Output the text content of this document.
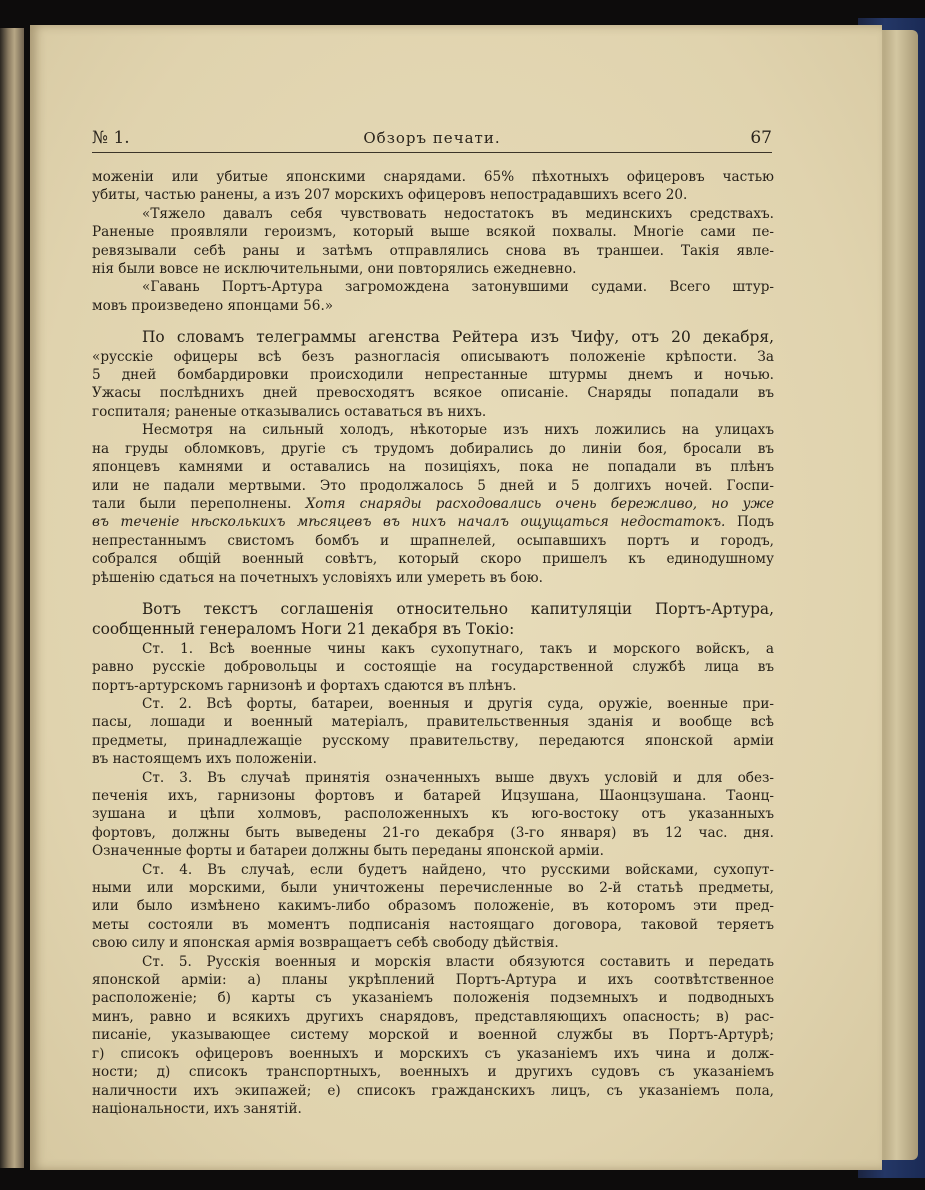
№ 1.	Обзоръ печати.	67
моженіи или убитые японскими снарядами. 65% пѣхотныхъ офицеровъ частью
убиты, частью ранены, а изъ 207 морскихъ офицеровъ непострадавшихъ всего 20.
«Тяжело давалъ себя чувствовать недостатокъ въ мединскихъ средствахъ.
Раненые проявляли героизмъ, который выше всякой похвалы. Многіе сами пе-
ревязывали себѣ раны и затѣмъ отправлялись снова въ траншеи. Такія явле-
нія были вовсе не исключительными, они повторялись ежедневно.
«Гавань Портъ-Артура загромождена затонувшими судами. Всего штур-
мовъ произведено японцами 56.»
По словамъ телеграммы агенства Рейтера изъ Чифу, отъ 20 декабря,
«русскіе офицеры всѣ безъ разногласія описываютъ положеніе крѣпости. За
5 дней бомбардировки происходили непрестанные штурмы днемъ и ночью.
Ужасы послѣднихъ дней превосходятъ всякое описаніе. Снаряды попадали въ
госпиталя; раненые отказывались оставаться въ нихъ.
Несмотря на сильный холодъ, нѣкоторые изъ нихъ ложились на улицахъ
на груды обломковъ, другіе съ трудомъ добирались до линіи боя, бросали въ
японцевъ камнями и оставались на позиціяхъ, пока не попадали въ плѣнъ
или не падали мертвыми. Это продолжалось 5 дней и 5 долгихъ ночей. Госпи-
тали были переполнены. Хотя снаряды расходовались очень бережливо, но уже
въ теченіе нѣсколькихъ мѣсяцевъ въ нихъ началъ ощущаться недостатокъ. Подъ
непрестаннымъ свистомъ бомбъ и шрапнелей, осыпавшихъ портъ и городъ,
собрался общій военный совѣтъ, который скоро пришелъ къ единодушному
рѣшенію сдаться на почетныхъ условіяхъ или умереть въ бою.
Вотъ текстъ соглашенія относительно капитуляціи Портъ-Артура,
сообщенный генераломъ Ноги 21 декабря въ Токіо:
Ст. 1. Всѣ военные чины какъ сухопутнаго, такъ и морского войскъ, а
равно русскіе добровольцы и состоящіе на государственной службѣ лица въ
портъ-артурскомъ гарнизонѣ и фортахъ сдаются въ плѣнъ.
Ст. 2. Всѣ форты, батареи, военныя и другія суда, оружіе, военные при-
пасы, лошади и военный матеріалъ, правительственныя зданія и вообще всѣ
предметы, принадлежащіе русскому правительству, передаются японской арміи
въ настоящемъ ихъ положеніи.
Ст. 3. Въ случаѣ принятія означенныхъ выше двухъ условій и для обез-
печенія ихъ, гарнизоны фортовъ и батарей Ицзушана, Шаонцзушана. Таонц-
зушана и цѣпи холмовъ, расположенныхъ къ юго-востоку отъ указанныхъ
фортовъ, должны быть выведены 21-го декабря (3-го января) въ 12 час. дня.
Означенные форты и батареи должны быть переданы японской арміи.
Ст. 4. Въ случаѣ, если будетъ найдено, что русскими войсками, сухопут-
ными или морскими, были уничтожены перечисленные во 2-й статьѣ предметы,
или было измѣнено какимъ-либо образомъ положеніе, въ которомъ эти пред-
меты состояли въ моментъ подписанія настоящаго договора, таковой теряетъ
свою силу и японская армія возвращаетъ себѣ свободу дѣйствія.
Ст. 5. Русскія военныя и морскія власти обязуются составить и передать
японской арміи: а) планы укрѣплений Портъ-Артура и ихъ соотвѣтственное
расположеніе; б) карты съ указаніемъ положенія подземныхъ и подводныхъ
минъ, равно и всякихъ другихъ снарядовъ, представляющихъ опасность; в) рас-
писаніе, указывающее систему морской и военной службы въ Портъ-Артурѣ;
г) списокъ офицеровъ военныхъ и морскихъ съ указаніемъ ихъ чина и долж-
ности; д) списокъ транспортныхъ, военныхъ и другихъ судовъ съ указаніемъ
наличности ихъ экипажей; е) списокъ гражданскихъ лицъ, съ указаніемъ пола,
національности, ихъ занятій.
